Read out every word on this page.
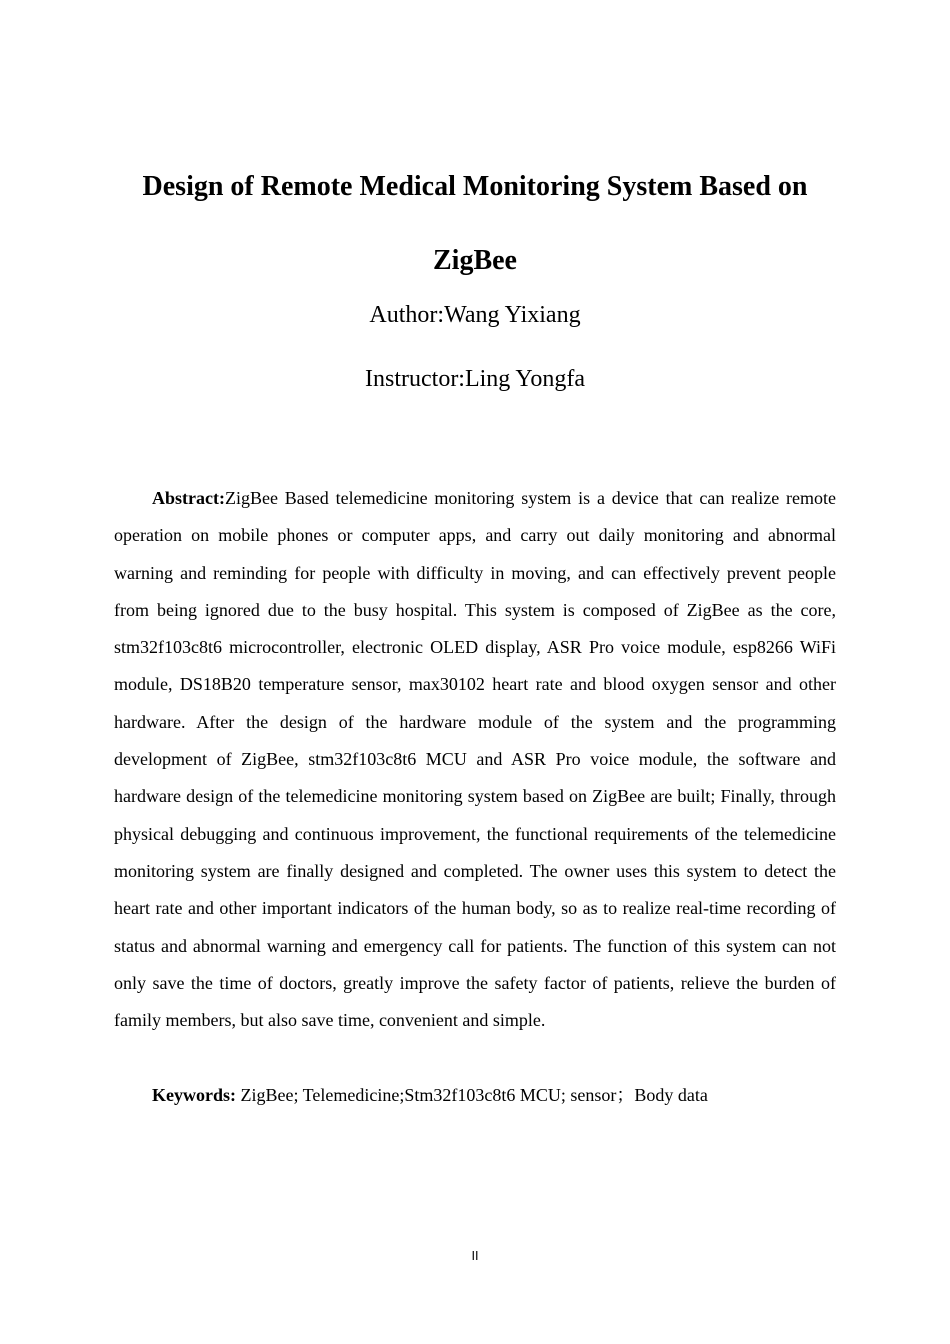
Design of Remote Medical Monitoring System Based on
ZigBee

Author:Wang Yixiang

Instructor:Ling Yongfa

Abstract:ZigBee Based telemedicine monitoring system is a device that can realize remote operation on mobile phones or computer apps, and carry out daily monitoring and abnormal warning and reminding for people with difficulty in moving, and can effectively prevent people from being ignored due to the busy hospital. This system is composed of ZigBee as the core, stm32f103c8t6 microcontroller, electronic OLED display, ASR Pro voice module, esp8266 WiFi module, DS18B20 temperature sensor, max30102 heart rate and blood oxygen sensor and other hardware. After the design of the hardware module of the system and the programming development of ZigBee, stm32f103c8t6 MCU and ASR Pro voice module, the software and hardware design of the telemedicine monitoring system based on ZigBee are built; Finally, through physical debugging and continuous improvement, the functional requirements of the telemedicine monitoring system are finally designed and completed. The owner uses this system to detect the heart rate and other important indicators of the human body, so as to realize real-time recording of status and abnormal warning and emergency call for patients. The function of this system can not only save the time of doctors, greatly improve the safety factor of patients, relieve the burden of family members, but also save time, convenient and simple.

Keywords: ZigBee; Telemedicine;Stm32f103c8t6 MCU; sensor；Body data

II
